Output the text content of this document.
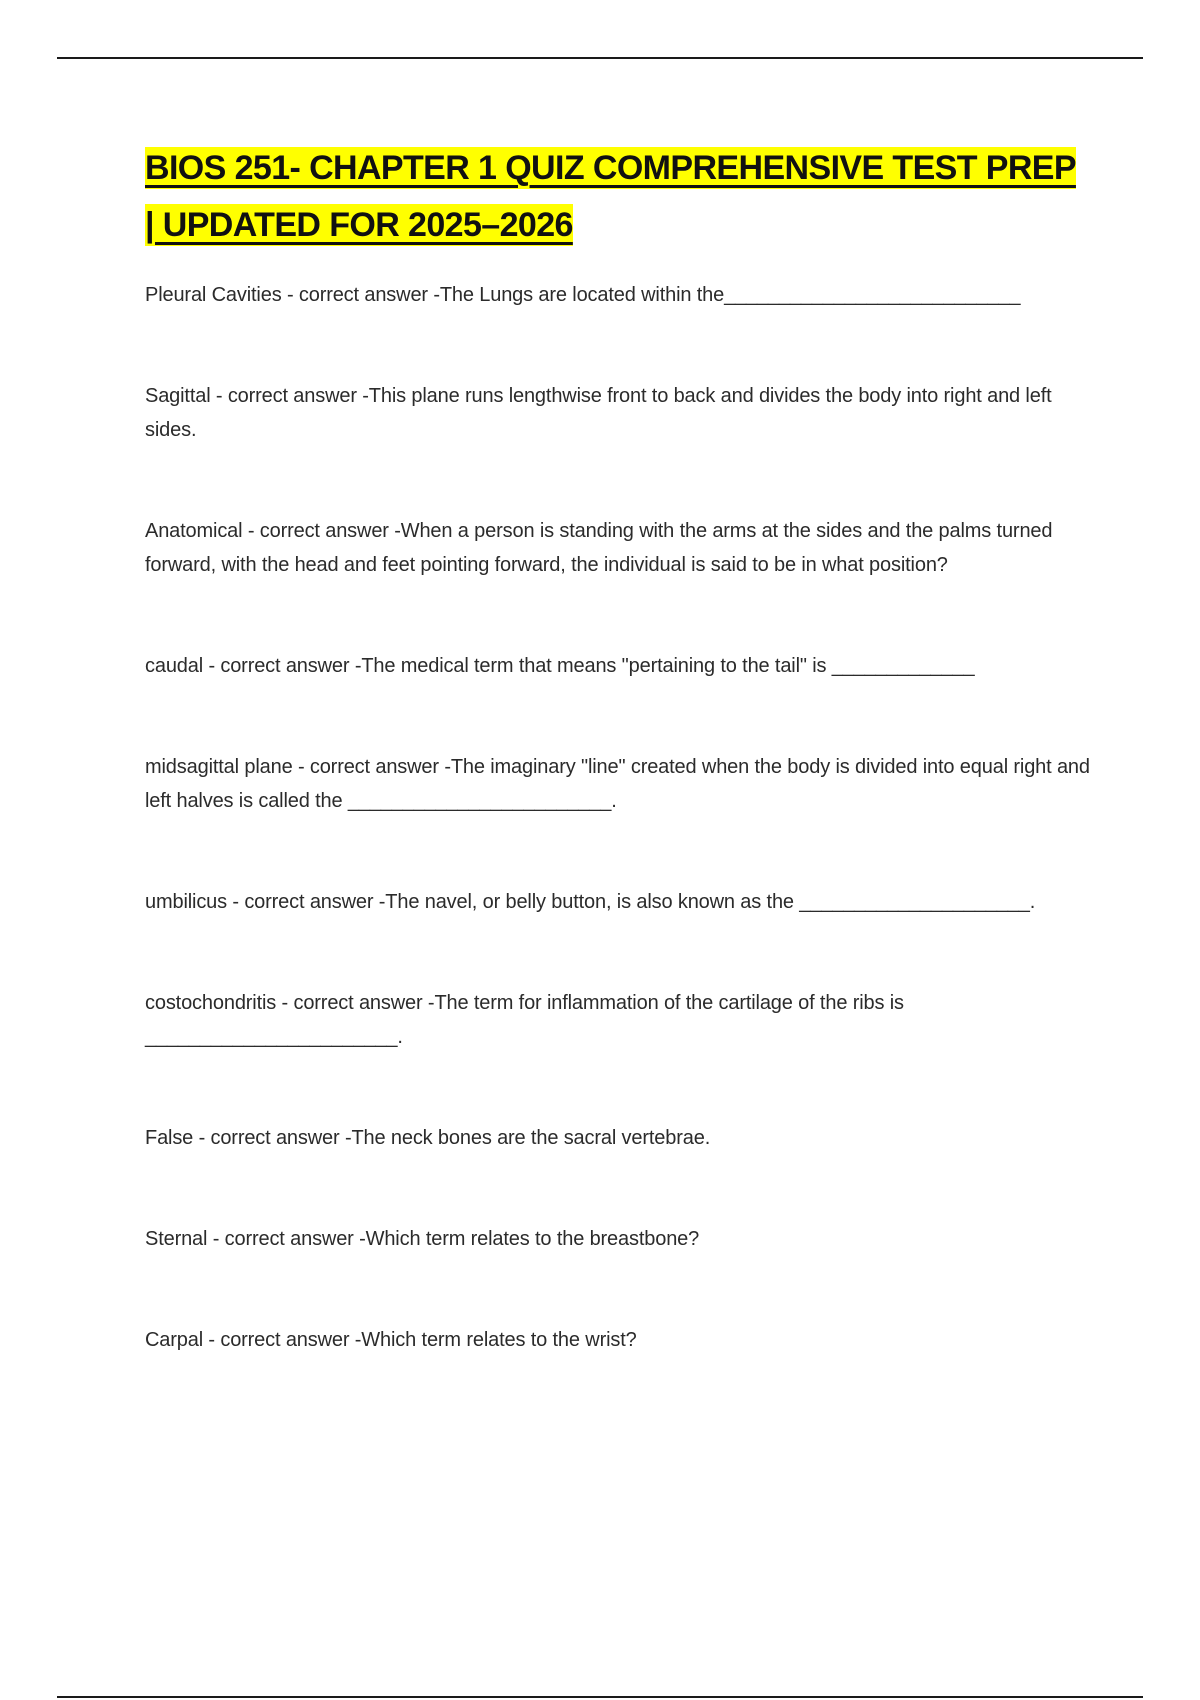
BIOS 251- CHAPTER 1 QUIZ COMPREHENSIVE TEST PREP | UPDATED FOR 2025–2026
Pleural Cavities - correct answer -The Lungs are located within the___________________________
Sagittal - correct answer -This plane runs lengthwise front to back and divides the body into right and left sides.
Anatomical - correct answer -When a person is standing with the arms at the sides and the palms turned forward, with the head and feet pointing forward, the individual is said to be in what position?
caudal - correct answer -The medical term that means "pertaining to the tail" is _____________
midsagittal plane - correct answer -The imaginary "line" created when the body is divided into equal right and left halves is called the ________________________.
umbilicus - correct answer -The navel, or belly button, is also known as the _____________________.
costochondritis - correct answer -The term for inflammation of the cartilage of the ribs is _______________________.
False - correct answer -The neck bones are the sacral vertebrae.
Sternal - correct answer -Which term relates to the breastbone?
Carpal - correct answer -Which term relates to the wrist?
